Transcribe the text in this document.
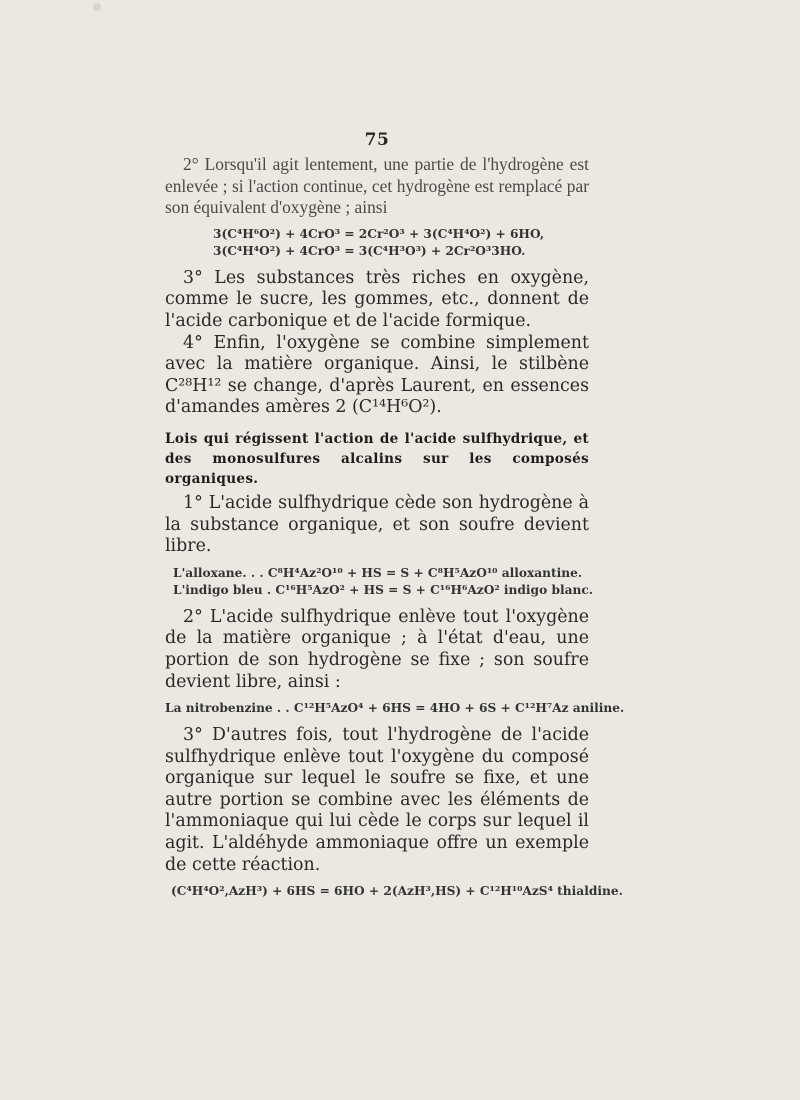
75

2° Lorsqu'il agit lentement, une partie de l'hydrogène est enlevée ; si l'action continue, cet hydrogène est remplacé par son équivalent d'oxygène ; ainsi

3(C⁴H⁶O²) + 4CrO³ = 2Cr²O³ + 3(C⁴H⁴O²) + 6HO,
3(C⁴H⁴O²) + 4CrO³ = 3(C⁴H³O³) + 2Cr²O³3HO.

3° Les substances très riches en oxygène, comme le sucre, les gommes, etc., donnent de l'acide carbonique et de l'acide formique.

4° Enfin, l'oxygène se combine simplement avec la matière organique. Ainsi, le stilbène C²⁸H¹² se change, d'après Laurent, en essences d'amandes amères 2 (C¹⁴H⁶O²).

Lois qui régissent l'action de l'acide sulfhydrique, et des monosulfures alcalins sur les composés organiques.

1° L'acide sulfhydrique cède son hydrogène à la substance organique, et son soufre devient libre.

L'alloxane. . . C⁸H⁴Az²O¹⁰ + HS = S + C⁸H⁵AzO¹⁰ alloxantine.
L'indigo bleu . C¹⁶H⁵AzO² + HS = S + C¹⁶H⁶AzO² indigo blanc.

2° L'acide sulfhydrique enlève tout l'oxygène de la matière organique ; à l'état d'eau, une portion de son hydrogène se fixe ; son soufre devient libre, ainsi :

La nitrobenzine . . C¹²H⁵AzO⁴ + 6HS = 4HO + 6S + C¹²H⁷Az aniline.

3° D'autres fois, tout l'hydrogène de l'acide sulfhydrique enlève tout l'oxygène du composé organique sur lequel le soufre se fixe, et une autre portion se combine avec les éléments de l'ammoniaque qui lui cède le corps sur lequel il agit. L'aldéhyde ammoniaque offre un exemple de cette réaction.

(C⁴H⁴O²,AzH³) + 6HS = 6HO + 2(AzH³,HS) + C¹²H¹⁰AzS⁴ thialdine.
